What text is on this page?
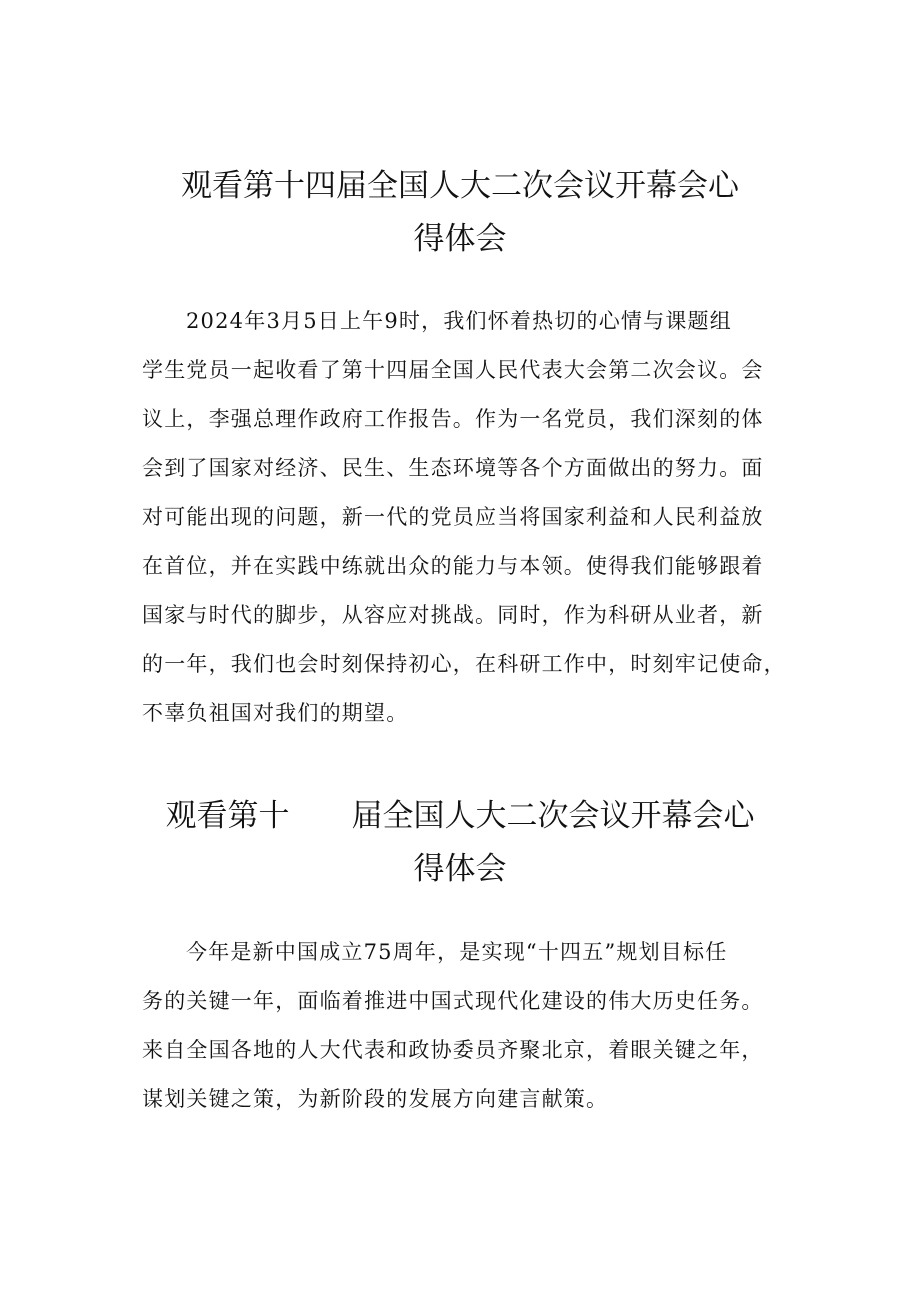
观看第十四届全国人大二次会议开幕会心
得体会

2024年3月5日上午9时，我们怀着热切的心情与课题组

学生党员一起收看了第十四届全国人民代表大会第二次会议。会

议上，李强总理作政府工作报告。作为一名党员，我们深刻的体

会到了国家对经济、民生、生态环境等各个方面做出的努力。面

对可能出现的问题，新一代的党员应当将国家利益和人民利益放

在首位，并在实践中练就出众的能力与本领。使得我们能够跟着

国家与时代的脚步，从容应对挑战。同时，作为科研从业者，新

的一年，我们也会时刻保持初心，在科研工作中，时刻牢记使命，

不辜负祖国对我们的期望。

观看第十　　届全国人大二次会议开幕会心
得体会

今年是新中国成立75周年，是实现“十四五”规划目标任

务的关键一年，面临着推进中国式现代化建设的伟大历史任务。

来自全国各地的人大代表和政协委员齐聚北京，着眼关键之年，

谋划关键之策，为新阶段的发展方向建言献策。
